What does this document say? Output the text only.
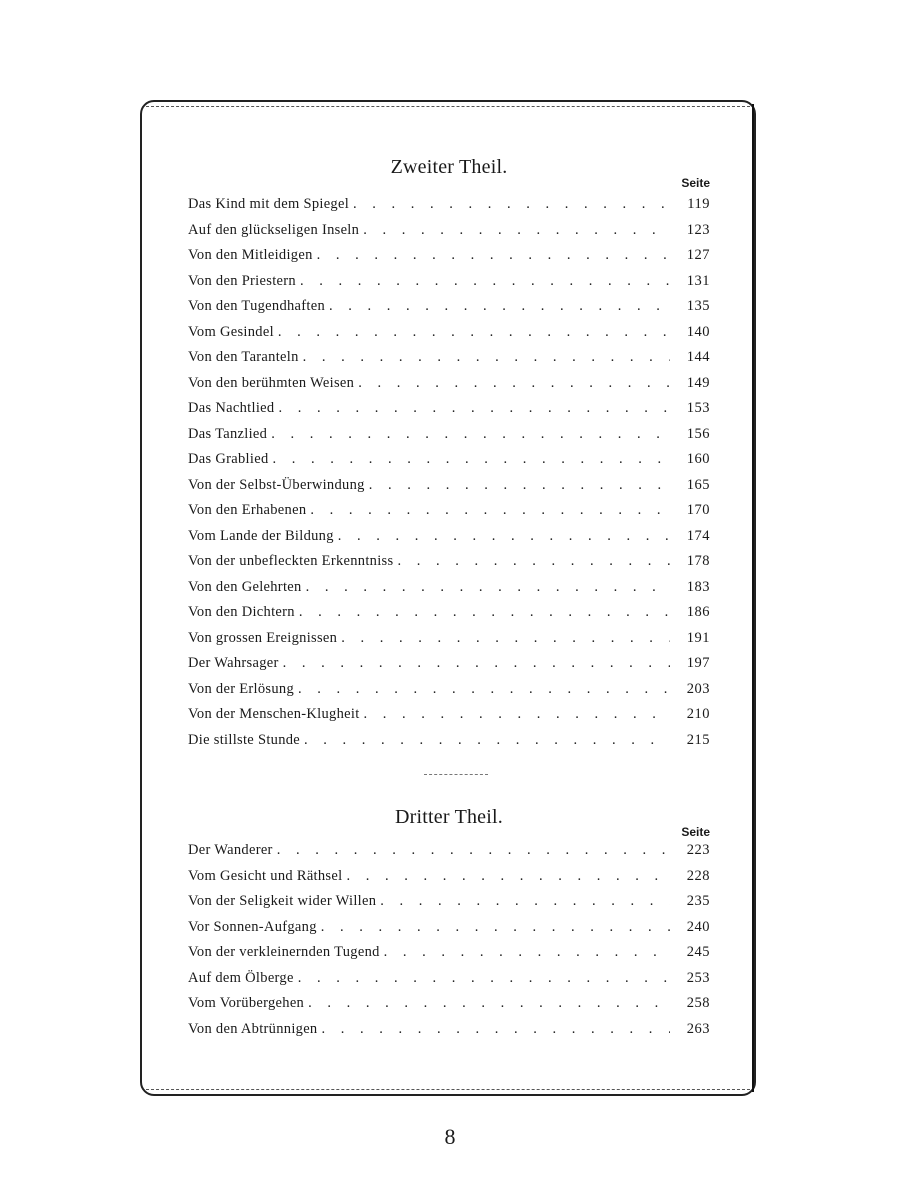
Zweiter Theil.
Seite
Das Kind mit dem Spiegel . . .	119
Auf den glückseligen Inseln . . .	123
Von den Mitleidigen . . .	127
Von den Priestern . . .	131
Von den Tugendhaften . . .	135
Vom Gesindel . . .	140
Von den Taranteln . . .	144
Von den berühmten Weisen . . .	149
Das Nachtlied . . .	153
Das Tanzlied . . .	156
Das Grablied . . .	160
Von der Selbst-Überwindung . . .	165
Von den Erhabenen . . .	170
Vom Lande der Bildung . . .	174
Von der unbefleckten Erkenntniss . . .	178
Von den Gelehrten . . .	183
Von den Dichtern . . .	186
Von grossen Ereignissen . . .	191
Der Wahrsager . . .	197
Von der Erlösung . . .	203
Von der Menschen-Klugheit . . .	210
Die stillste Stunde . . .	215
Dritter Theil.
Seite
Der Wanderer . . .	223
Vom Gesicht und Räthsel . . .	228
Von der Seligkeit wider Willen . . .	235
Vor Sonnen-Aufgang . . .	240
Von der verkleinernden Tugend . . .	245
Auf dem Ölberge . . .	253
Vom Vorübergehen . . .	258
Von den Abtrünnigen . . .	263
8
